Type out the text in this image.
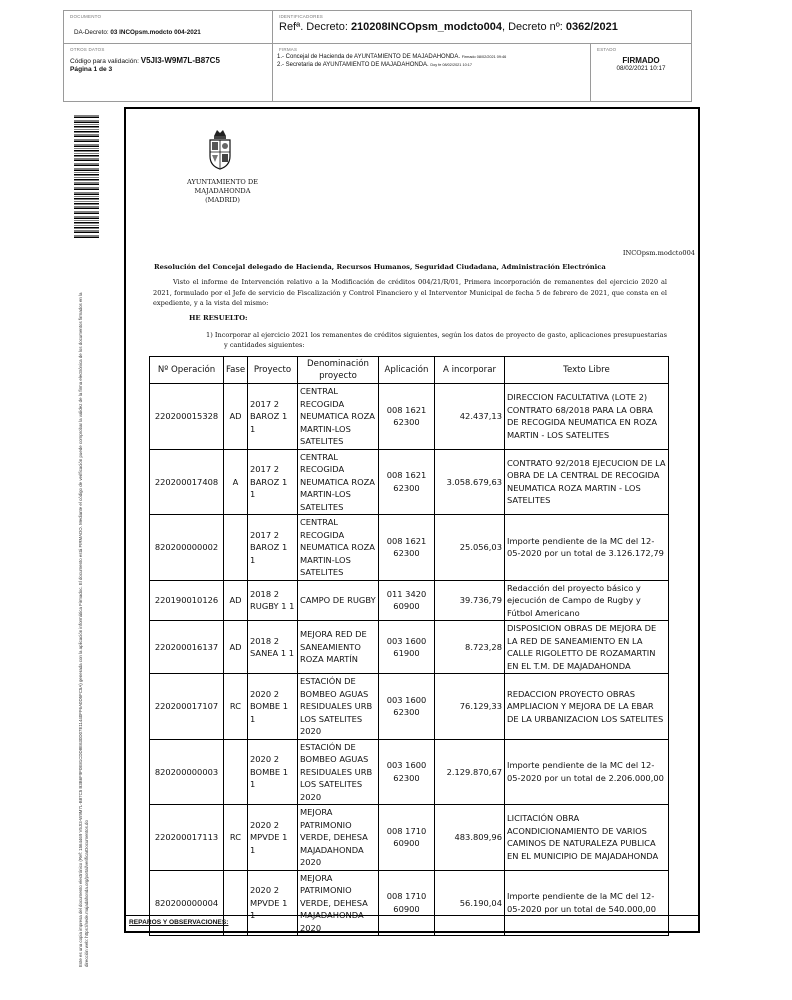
DOCUMENTO
DA-Decreto: 03 INCOpsm.modcto 004-2021
IDENTIFICADORES
Refª. Decreto: 210208INCOpsm_modcto004, Decreto nº: 0362/2021
OTROS DATOS
Código para validación: V5JI3-W9M7L-B87C5
Página 1 de 3
FIRMAS
1.- Concejal de Hacienda de AYUNTAMIENTO DE MAJADAHONDA. Firmado 08/02/2021 09:46
2.- Secretaria de AYUNTAMIENTO DE MAJADAHONDA. Doy fe 08/02/2021 10:17
ESTADO
FIRMADO
08/02/2021 10:17
Este es una copia impresa del documento electrónico (Ref: 1564469 V5JI3-W9M7L-B87C5 B3B6F9F0E81CDD8E630D07E11440FF6A0D5FC5A) generada con la aplicación informática Firmadoc. El documento está FIRMADO. Mediante el código de verificación puede comprobar la validez de la firma electrónica de los documentos firmados en la dirección web: https://sede.majadahonda.org/portal/verificarDocumentos.do
AYUNTAMIENTO DE
MAJADAHONDA
(MADRID)
INCOpsm.modcto004
Resolución del Concejal delegado de Hacienda, Recursos Humanos, Seguridad Ciudadana, Administración Electrónica
Visto el informe de Intervención relativo a la Modificación de créditos 004/21/R/01, Primera incorporación de remanentes del ejercicio 2020 al 2021, formulado por el Jefe de servicio de Fiscalización y Control Financiero y el Interventor Municipal de fecha 5 de febrero de 2021, que consta en el expediente, y a la vista del mismo:
HE RESUELTO:
1) Incorporar al ejercicio 2021 los remanentes de créditos siguientes, según los datos de proyecto de gasto, aplicaciones presupuestarias y cantidades siguientes:
Nº Operación	Fase	Proyecto	Denominación proyecto	Aplicación	A incorporar	Texto Libre
220200015328	AD	2017 2 BAROZ 1 1	CENTRAL RECOGIDA NEUMATICA ROZA MARTIN-LOS SATELITES	008 1621 62300	42.437,13	DIRECCION FACULTATIVA (LOTE 2) CONTRATO 68/2018 PARA LA OBRA DE RECOGIDA NEUMATICA EN ROZA MARTIN - LOS SATELITES
220200017408	A	2017 2 BAROZ 1 1	CENTRAL RECOGIDA NEUMATICA ROZA MARTIN-LOS SATELITES	008 1621 62300	3.058.679,63	CONTRATO 92/2018 EJECUCION DE LA OBRA DE LA CENTRAL DE RECOGIDA NEUMATICA ROZA MARTIN - LOS SATELITES
820200000002		2017 2 BAROZ 1 1	CENTRAL RECOGIDA NEUMATICA ROZA MARTIN-LOS SATELITES	008 1621 62300	25.056,03	Importe pendiente de la MC del 12-05-2020 por un total de 3.126.172,79
220190010126	AD	2018 2 RUGBY 1 1	CAMPO DE RUGBY	011 3420 60900	39.736,79	Redacción del proyecto básico y ejecución de Campo de Rugby y Fútbol Americano
220200016137	AD	2018 2 SANEA 1 1	MEJORA RED DE SANEAMIENTO ROZA MARTÍN	003 1600 61900	8.723,28	DISPOSICION OBRAS DE MEJORA DE LA RED DE SANEAMIENTO EN LA CALLE RIGOLETTO DE ROZAMARTIN EN EL T.M. DE MAJADAHONDA
220200017107	RC	2020 2 BOMBE 1 1	ESTACIÓN DE BOMBEO AGUAS RESIDUALES URB LOS SATELITES 2020	003 1600 62300	76.129,33	REDACCION PROYECTO OBRAS AMPLIACION Y MEJORA DE LA EBAR DE LA URBANIZACION LOS SATELITES
820200000003		2020 2 BOMBE 1 1	ESTACIÓN DE BOMBEO AGUAS RESIDUALES URB LOS SATELITES 2020	003 1600 62300	2.129.870,67	Importe pendiente de la MC del 12-05-2020 por un total de 2.206.000,00
220200017113	RC	2020 2 MPVDE 1 1	MEJORA PATRIMONIO VERDE, DEHESA MAJADAHONDA 2020	008 1710 60900	483.809,96	LICITACIÓN OBRA ACONDICIONAMIENTO DE VARIOS CAMINOS DE NATURALEZA PUBLICA EN EL MUNICIPIO DE MAJADAHONDA
820200000004		2020 2 MPVDE 1 1	MEJORA PATRIMONIO VERDE, DEHESA MAJADAHONDA 2020	008 1710 60900	56.190,04	Importe pendiente de la MC del 12-05-2020 por un total de 540.000,00
REPAROS Y OBSERVACIONES:
